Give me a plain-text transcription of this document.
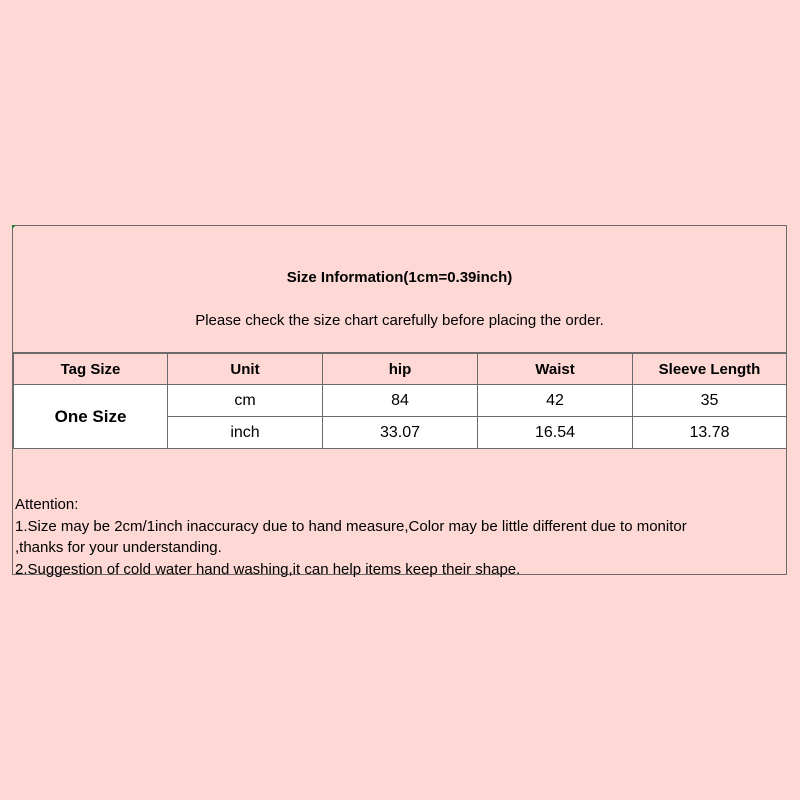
Size Information(1cm=0.39inch)
Please check the size chart carefully before placing the order.
Tag Size	Unit	hip	Waist	Sleeve Length
One Size	cm	84	42	35
	inch	33.07	16.54	13.78
Attention:
1.Size may be 2cm/1inch inaccuracy due to hand measure,Color may be little different due to monitor
,thanks for your understanding.
2.Suggestion of cold water hand washing,it can help items keep their shape.
